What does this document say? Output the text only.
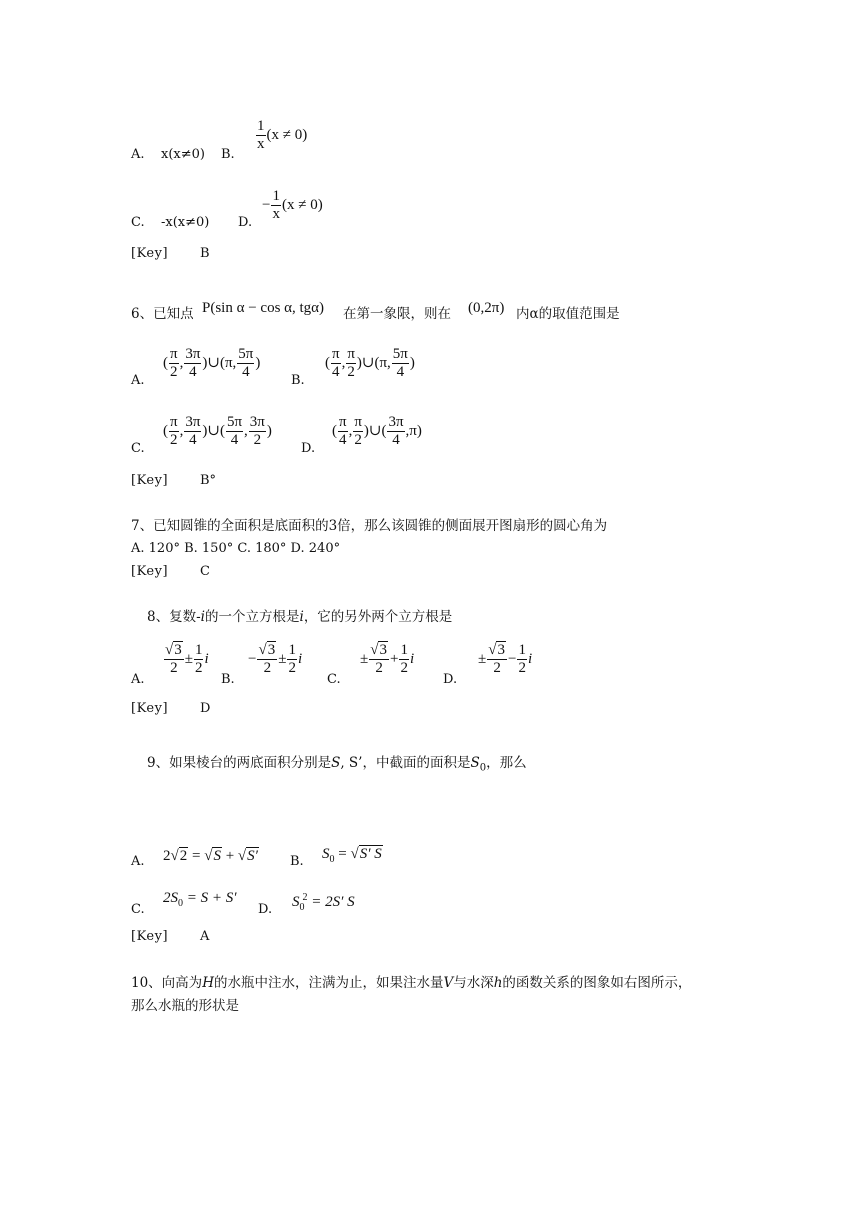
A. x(x≠0) B.
$\frac{1}{x} (x \ne 0)$
C. -x(x≠0) D.
− $\frac{1}{x} (x \ne 0)$
[Key] B
6、已知点 P(sin α − cos α, tgα) 在第一象限，则在 (0,2π) 内α的取值范围是
A.
( $\frac{\pi}{2}$ , $\frac{3\pi}{4}$ )∪(π, $\frac{5\pi}{4}$ )
B.
( $\frac{\pi}{4}$ , $\frac{\pi}{2}$ )∪(π, $\frac{5\pi}{4}$ )
C.
( $\frac{\pi}{2}$ , $\frac{3\pi}{4}$ )∪( $\frac{5\pi}{4}$ , $\frac{3\pi}{2}$ )
D.
( $\frac{\pi}{4}$ , $\frac{\pi}{2}$ )∪( $\frac{3\pi}{4} ,\pi$)
[Key] B°
7、已知圆锥的全面积是底面积的3倍，那么该圆锥的侧面展开图扇形的圆心角为
A. 120° B. 150° C. 180° D. 240°
[Key] C
8、复数-i的一个立方根是i，它的另外两个立方根是
A.
$\frac{√3}{2} \pm \frac{1}{2}$ i
B.
− $\frac{√3}{2} \pm \frac{1}{2}$ i
C.
± $\frac{√3}{2} + \frac{1}{2}$ i
D.
± $\frac{√3}{2} - \frac{1}{2}$ i
[Key] D
9、如果棱台的两底面积分别是S, S’，中截面的面积是$S_0$，那么
A. 2√2 = √S + √S′ B. $S_0 = √S'$ S
C.
$2S_0 = S + S'$
D. $S_0^2 = 2S'$ S
[Key] A
10、向高为H的水瓶中注水，注满为止，如果注水量V与水深h的函数关系的图象如右图所示，
那么水瓶的形状是
